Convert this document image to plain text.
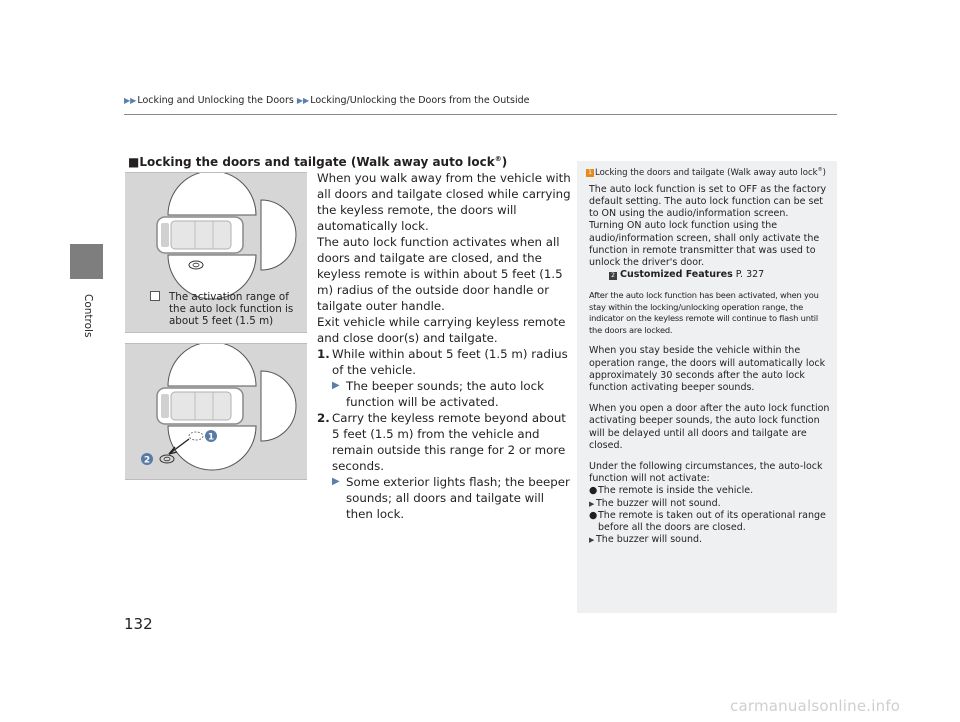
Controls
▶▶Locking and Unlocking the Doors ▶▶Locking/Unlocking the Doors from the Outside
■Locking the doors and tailgate (Walk away auto lock®)
The activation range of the auto lock function is about 5 feet (1.5 m)
1
2

When you walk away from the vehicle with all doors and tailgate closed while carrying the keyless remote, the doors will automatically lock.

The auto lock function activates when all doors and tailgate are closed, and the keyless remote is within about 5 feet (1.5 m) radius of the outside door handle or tailgate outer handle.

Exit vehicle while carrying keyless remote and close door(s) and tailgate.

1. While within about 5 feet (1.5 m) radius of the vehicle.
▶ The beeper sounds; the auto lock function will be activated.
2. Carry the keyless remote beyond about 5 feet (1.5 m) from the vehicle and remain outside this range for 2 or more seconds.
▶ Some exterior lights flash; the beeper sounds; all doors and tailgate will then lock.
1 Locking the doors and tailgate (Walk away auto lock®)

The auto lock function is set to OFF as the factory default setting. The auto lock function can be set to ON using the audio/information screen.

Turning ON auto lock function using the audio/information screen, shall only activate the function in remote transmitter that was used to unlock the driver's door.

2 Customized Features P. 327

After the auto lock function has been activated, when you stay within the locking/unlocking operation range, the indicator on the keyless remote will continue to flash until the doors are locked.

When you stay beside the vehicle within the operation range, the doors will automatically lock approximately 30 seconds after the auto lock function activating beeper sounds.

When you open a door after the auto lock function activating beeper sounds, the auto lock function will be delayed until all doors and tailgate are closed.

Under the following circumstances, the auto-lock function will not activate:

● The remote is inside the vehicle.
▶ The buzzer will not sound.
● The remote is taken out of its operational range before all the doors are closed.
▶ The buzzer will sound.
132
carmanualsonline.info
